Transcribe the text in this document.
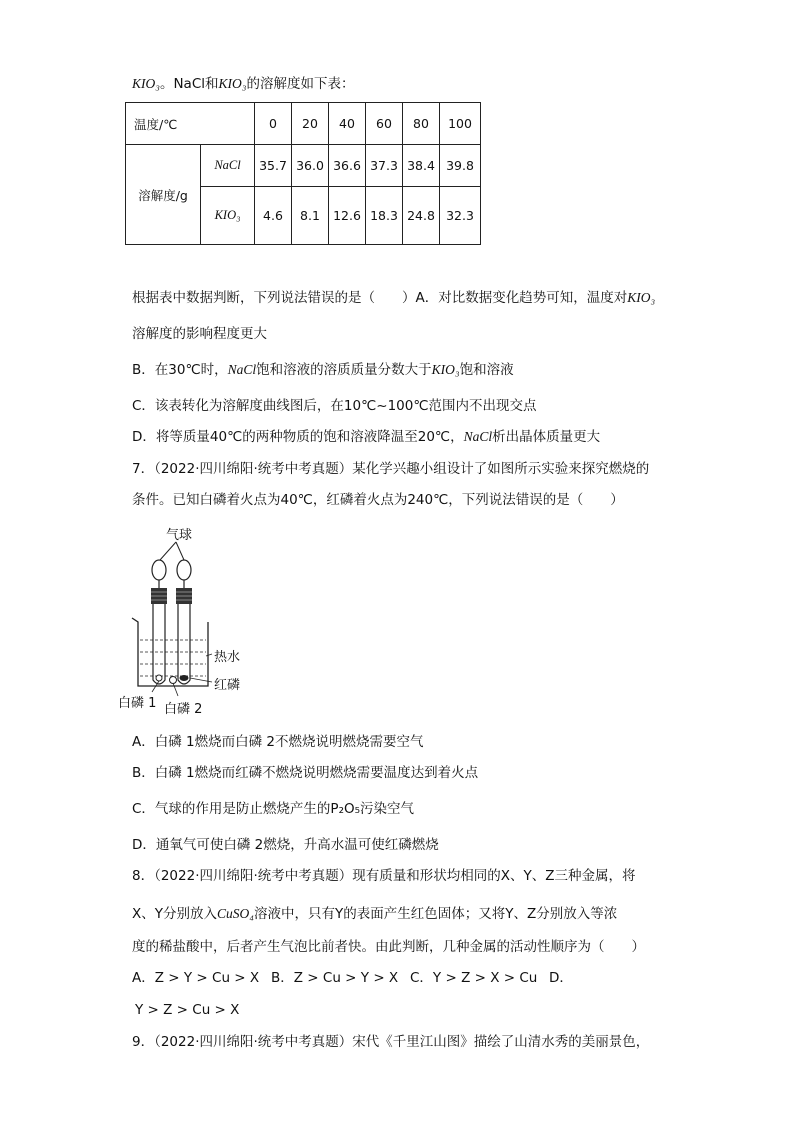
KIO₃。NaCl和KIO₃的溶解度如下表：
温度/℃		0	20	40	60	80	100
溶解度/g	NaCl	35.7	36.0	36.6	37.3	38.4	39.8
	KIO₃	4.6	8.1	12.6	18.3	24.8	32.3
根据表中数据判断，下列说法错误的是（　　）A．对比数据变化趋势可知，温度对KIO₃
溶解度的影响程度更大
B．在30℃时，NaCl饱和溶液的溶质质量分数大于KIO₃饱和溶液
C．该表转化为溶解度曲线图后，在10℃~100℃范围内不出现交点
D．将等质量40℃的两种物质的饱和溶液降温至20℃，NaCl析出晶体质量更大
7．（2022·四川绵阳·统考中考真题）某化学兴趣小组设计了如图所示实验来探究燃烧的
条件。已知白磷着火点为40℃，红磷着火点为240℃，下列说法错误的是（　　）
气球
热水
红磷
白磷 1 白磷 2
A．白磷 1燃烧而白磷 2不燃烧说明燃烧需要空气
B．白磷 1燃烧而红磷不燃烧说明燃烧需要温度达到着火点
C．气球的作用是防止燃烧产生的P₂O₅污染空气
D．通氧气可使白磷 2燃烧，升高水温可使红磷燃烧
8．（2022·四川绵阳·统考中考真题）现有质量和形状均相同的X、Y、Z三种金属，将
X、Y分别放入CuSO₄溶液中，只有Y的表面产生红色固体；又将Y、Z分别放入等浓
度的稀盐酸中，后者产生气泡比前者快。由此判断，几种金属的活动性顺序为（　　）
A．Z > Y > Cu > X B．Z > Cu > Y > X C．Y > Z > X > Cu D．
Y > Z > Cu > X
9．（2022·四川绵阳·统考中考真题）宋代《千里江山图》描绘了山清水秀的美丽景色，
